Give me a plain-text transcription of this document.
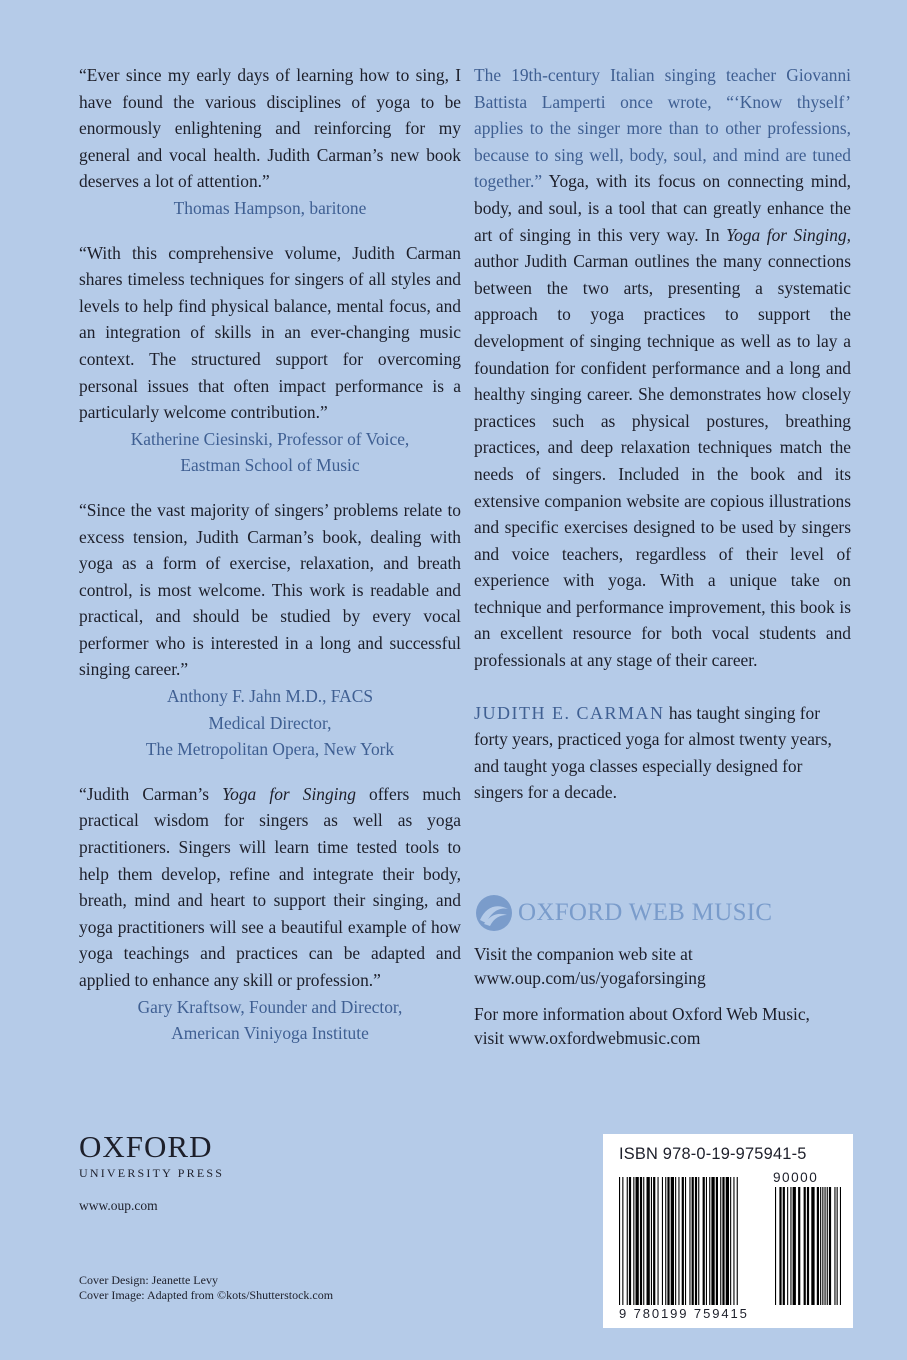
“Ever since my early days of learning how to sing, I have found the various disciplines of yoga to be enormously enlightening and reinforcing for my general and vocal health. Judith Carman’s new book deserves a lot of attention.”
Thomas Hampson, baritone
“With this comprehensive volume, Judith Carman shares timeless techniques for singers of all styles and levels to help find physical balance, mental focus, and an integration of skills in an ever-changing music context. The structured support for overcoming personal issues that often impact performance is a particularly welcome contribution.”
Katherine Ciesinski, Professor of Voice,
Eastman School of Music
“Since the vast majority of singers’ problems relate to excess tension, Judith Carman’s book, dealing with yoga as a form of exercise, relaxation, and breath control, is most welcome. This work is readable and practical, and should be studied by every vocal performer who is interested in a long and successful singing career.”
Anthony F. Jahn M.D., FACS
Medical Director,
The Metropolitan Opera, New York
“Judith Carman’s Yoga for Singing offers much practical wisdom for singers as well as yoga practitioners. Singers will learn time tested tools to help them develop, refine and integrate their body, breath, mind and heart to support their singing, and yoga practitioners will see a beautiful example of how yoga teachings and practices can be adapted and applied to enhance any skill or profession.”
Gary Kraftsow, Founder and Director,
American Viniyoga Institute

The 19th-century Italian singing teacher Giovanni Battista Lamperti once wrote, “‘Know thyself’ applies to the singer more than to other professions, because to sing well, body, soul, and mind are tuned together.” Yoga, with its focus on connecting mind, body, and soul, is a tool that can greatly enhance the art of singing in this very way. In Yoga for Singing, author Judith Carman outlines the many connections between the two arts, presenting a systematic approach to yoga practices to support the development of singing technique as well as to lay a foundation for confident performance and a long and healthy singing career. She demonstrates how closely practices such as physical postures, breathing practices, and deep relaxation techniques match the needs of singers. Included in the book and its extensive companion website are copious illustrations and specific exercises designed to be used by singers and voice teachers, regardless of their level of experience with yoga. With a unique take on technique and performance improvement, this book is an excellent resource for both vocal students and professionals at any stage of their career.

JUDITH E. CARMAN has taught singing for forty years, practiced yoga for almost twenty years, and taught yoga classes especially designed for singers for a decade.

OXFORD WEB MUSIC

Visit the companion web site at
www.oup.com/us/yogaforsinging

For more information about Oxford Web Music,
visit www.oxfordwebmusic.com

OXFORD
UNIVERSITY PRESS
www.oup.com
Cover Design: Jeanette Levy
Cover Image: Adapted from ©kots/Shutterstock.com
ISBN 978-0-19-975941-5
90000
9 780199 759415
